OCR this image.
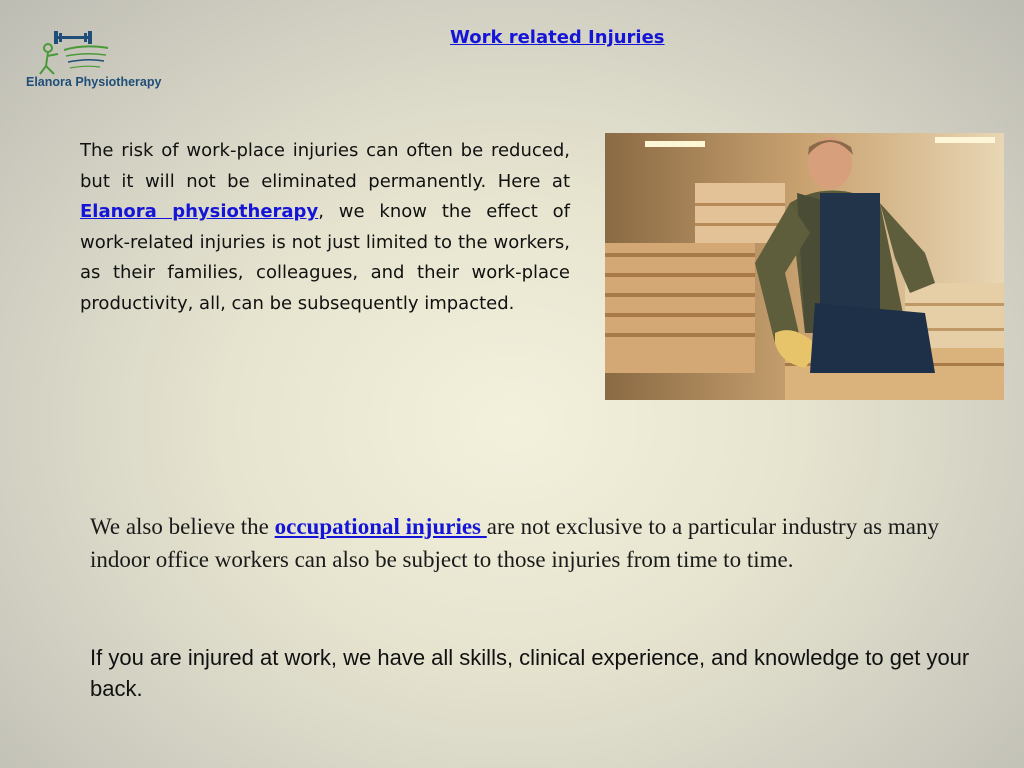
Elanora Physiotherapy
Work related Injuries

The risk of work-place injuries can often be reduced, but it will not be eliminated permanently. Here at Elanora physiotherapy, we know the effect of work-related injuries is not just limited to the workers, as their families, colleagues, and their work-place productivity, all, can be subsequently impacted.

We also believe the occupational injuries are not exclusive to a particular industry as many indoor office workers can also be subject to those injuries from time to time.

If you are injured at work, we have all skills, clinical experience, and knowledge to get your back.
